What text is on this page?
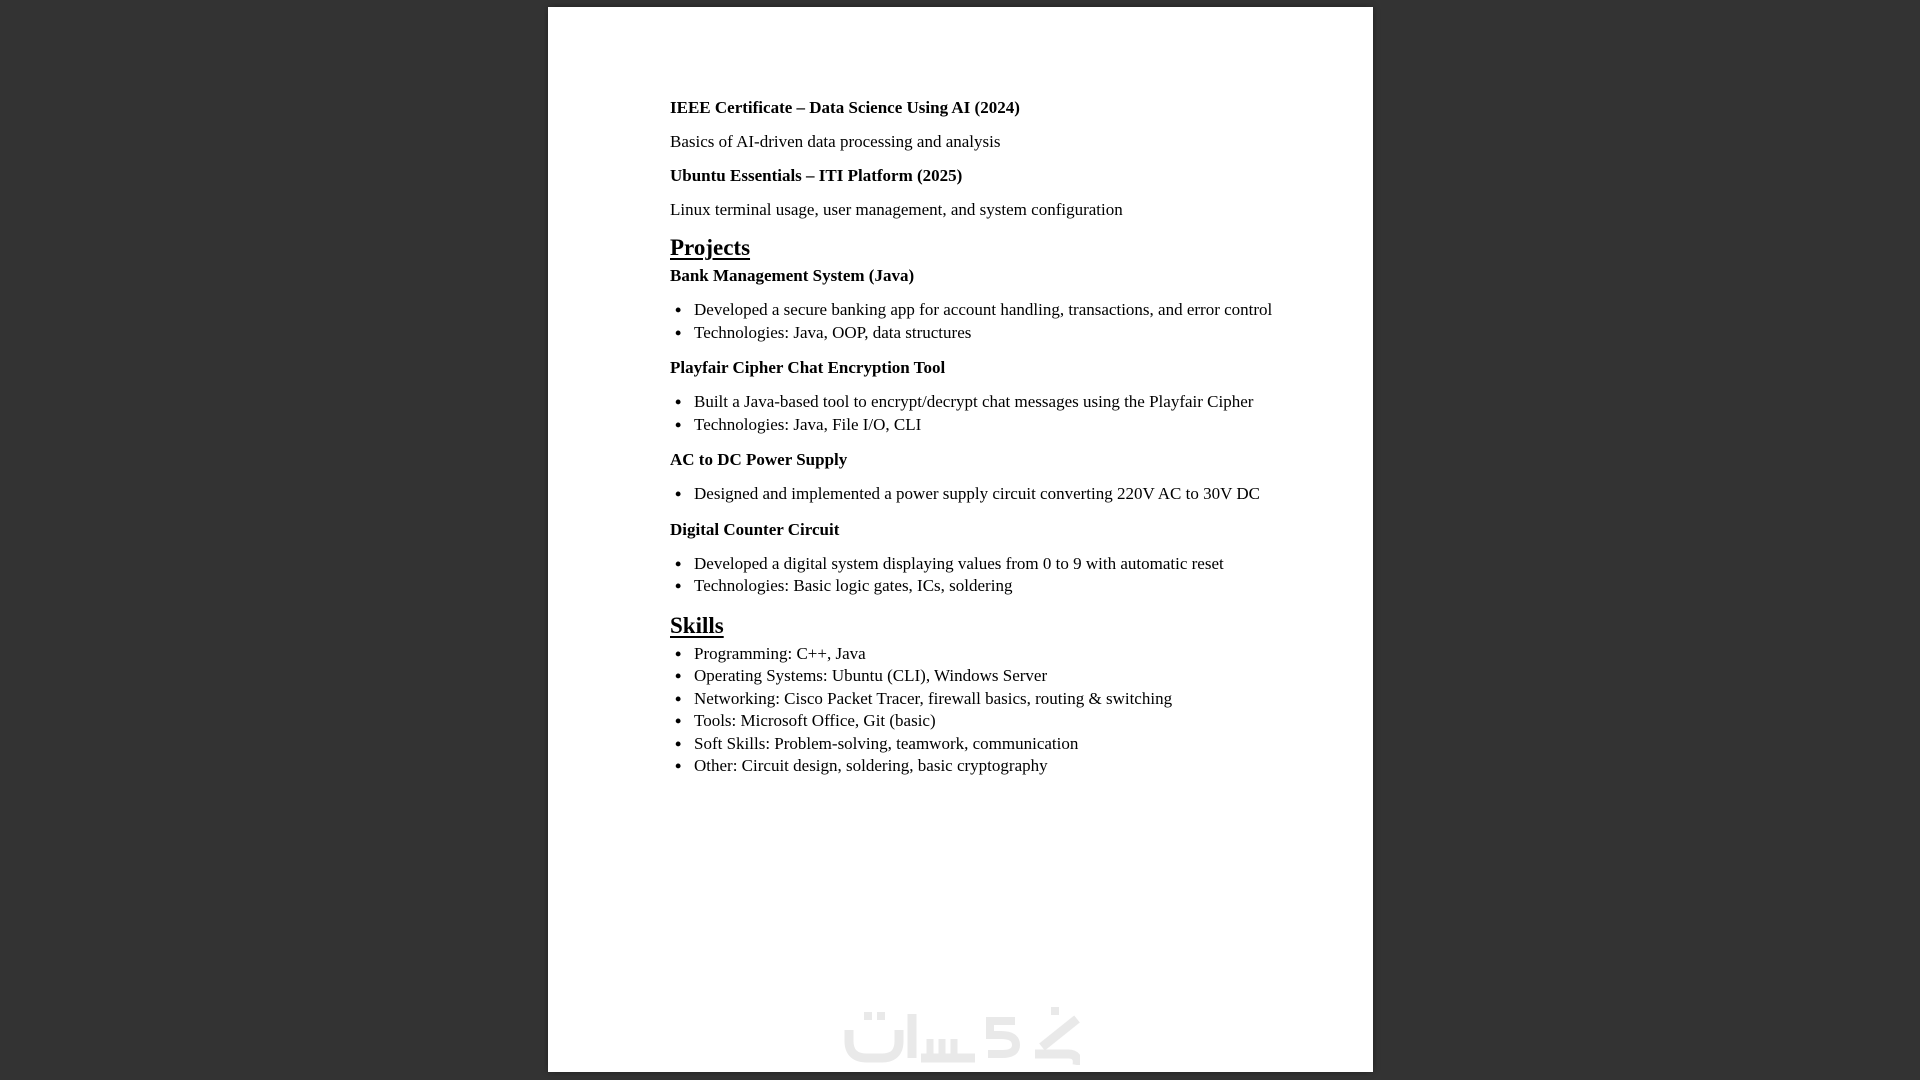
IEEE Certificate – Data Science Using AI (2024)

Basics of AI-driven data processing and analysis

Ubuntu Essentials – ITI Platform (2025)

Linux terminal usage, user management, and system configuration

Projects

Bank Management System (Java)

• Developed a secure banking app for account handling, transactions, and error control
• Technologies: Java, OOP, data structures

Playfair Cipher Chat Encryption Tool

• Built a Java-based tool to encrypt/decrypt chat messages using the Playfair Cipher
• Technologies: Java, File I/O, CLI

AC to DC Power Supply

• Designed and implemented a power supply circuit converting 220V AC to 30V DC

Digital Counter Circuit

• Developed a digital system displaying values from 0 to 9 with automatic reset
• Technologies: Basic logic gates, ICs, soldering
Skills
• Programming: C++, Java
• Operating Systems: Ubuntu (CLI), Windows Server
• Networking: Cisco Packet Tracer, firewall basics, routing & switching
• Tools: Microsoft Office, Git (basic)
• Soft Skills: Problem-solving, teamwork, communication
• Other: Circuit design, soldering, basic cryptography
